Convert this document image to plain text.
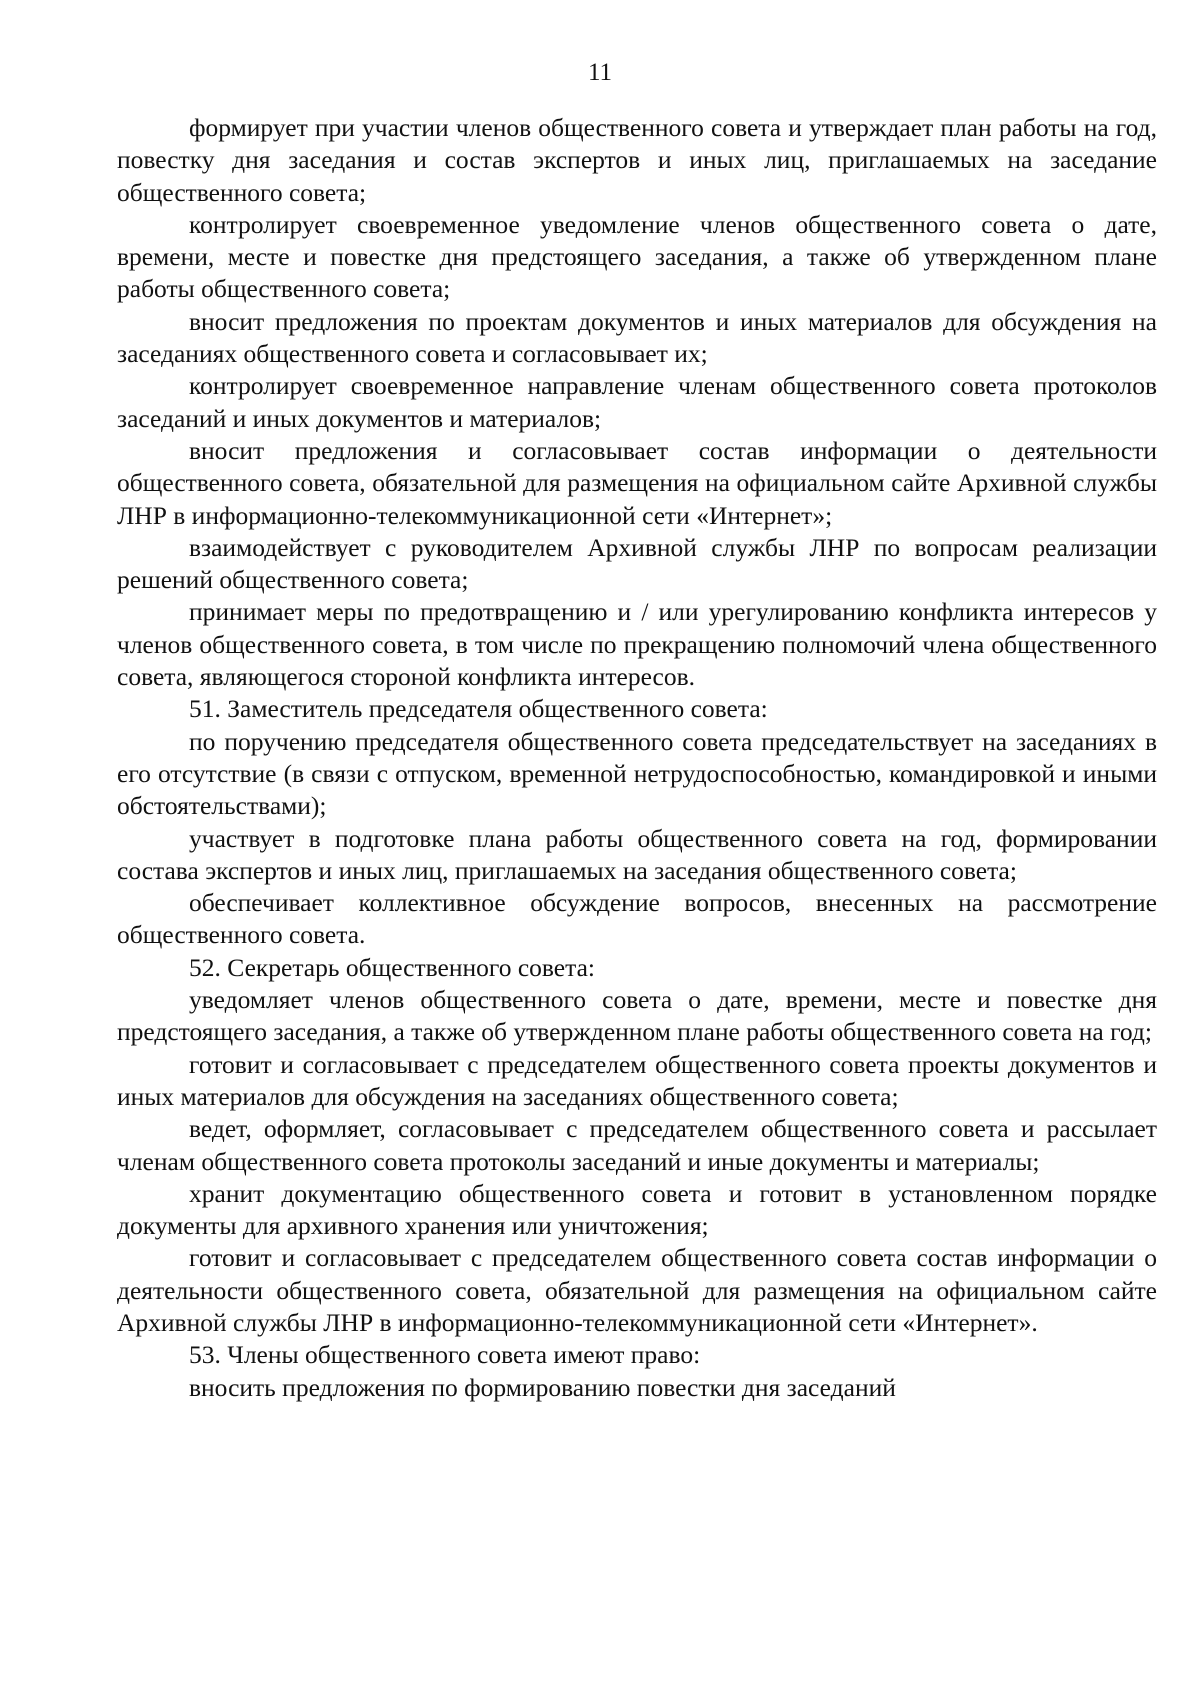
11

формирует при участии членов общественного совета и утверждает план работы на год, повестку дня заседания и состав экспертов и иных лиц, приглашаемых на заседание общественного совета;

контролирует своевременное уведомление членов общественного совета о дате, времени, месте и повестке дня предстоящего заседания, а также об утвержденном плане работы общественного совета;

вносит предложения по проектам документов и иных материалов для обсуждения на заседаниях общественного совета и согласовывает их;

контролирует своевременное направление членам общественного совета протоколов заседаний и иных документов и материалов;

вносит предложения и согласовывает состав информации о деятельности общественного совета, обязательной для размещения на официальном сайте Архивной службы ЛНР в информационно-телекоммуникационной сети «Интернет»;

взаимодействует с руководителем Архивной службы ЛНР по вопросам реализации решений общественного совета;

принимает меры по предотвращению и / или урегулированию конфликта интересов у членов общественного совета, в том числе по прекращению полномочий члена общественного совета, являющегося стороной конфликта интересов.

51. Заместитель председателя общественного совета:

по поручению председателя общественного совета председательствует на заседаниях в его отсутствие (в связи с отпуском, временной нетрудоспособностью, командировкой и иными обстоятельствами);

участвует в подготовке плана работы общественного совета на год, формировании состава экспертов и иных лиц, приглашаемых на заседания общественного совета;

обеспечивает коллективное обсуждение вопросов, внесенных на рассмотрение общественного совета.

52. Секретарь общественного совета:

уведомляет членов общественного совета о дате, времени, месте и повестке дня предстоящего заседания, а также об утвержденном плане работы общественного совета на год;

готовит и согласовывает с председателем общественного совета проекты документов и иных материалов для обсуждения на заседаниях общественного совета;

ведет, оформляет, согласовывает с председателем общественного совета и рассылает членам общественного совета протоколы заседаний и иные документы и материалы;

хранит документацию общественного совета и готовит в установленном порядке документы для архивного хранения или уничтожения;

готовит и согласовывает с председателем общественного совета состав информации о деятельности общественного совета, обязательной для размещения на официальном сайте Архивной службы ЛНР в информационно-телекоммуникационной сети «Интернет».

53. Члены общественного совета имеют право:

вносить предложения по формированию повестки дня заседаний
